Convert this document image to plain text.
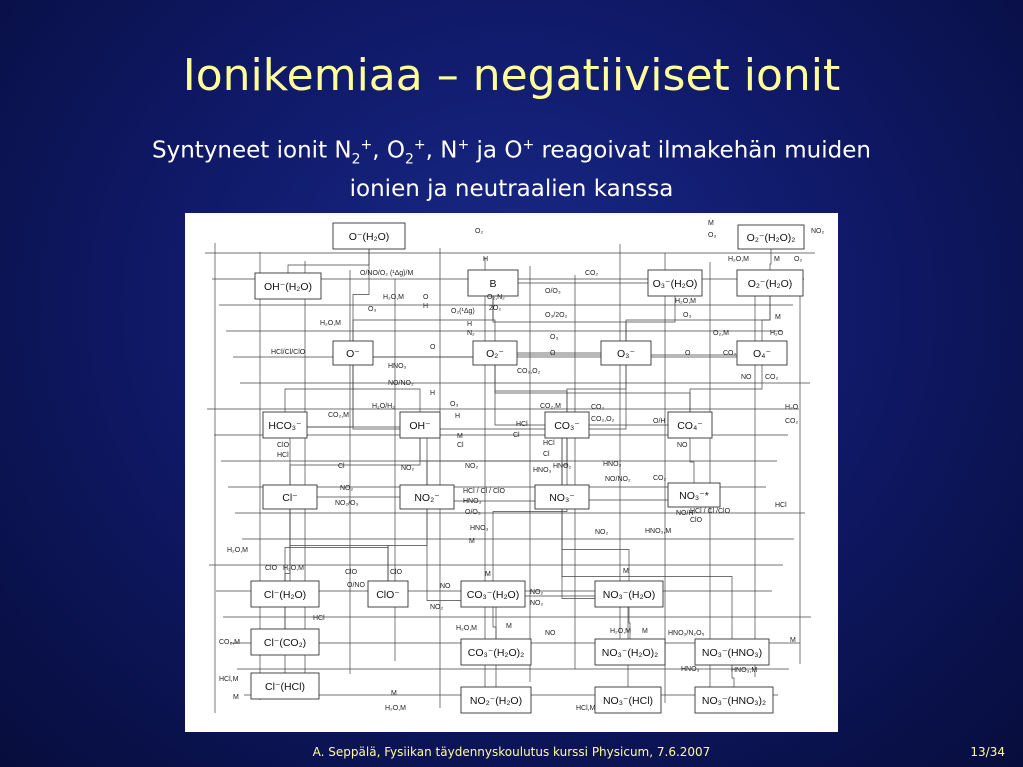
Ionikemiaa – negatiiviset ionit
Syntyneet ionit $N_2^+$, $O_2^+$, N+ ja O+ reagoivat ilmakehän muiden
ionien ja neutraalien kanssa
O⁻(H₂O)	O₂⁻(H₂O)₂
OH⁻(H₂O)	B	O₃⁻(H₂O)	O₂⁻(H₂O)
O⁻	O₂⁻	O₃⁻	O₄⁻
HCO₃⁻	OH⁻	CO₃⁻	CO₄⁻
Cl⁻	NO₂⁻	NO₃⁻	NO₃⁻*
Cl⁻(H₂O)	ClO⁻	CO₃⁻(H₂O)	NO₃⁻(H₂O)
Cl⁻(CO₂)
CO₃⁻(H₂O)₂	NO₃⁻(H₂O)₂	NO₃⁻(HNO₃)
Cl⁻(HCl)
NO₂⁻(H₂O)	NO₃⁻(HCl)	NO₃⁻(HNO₃)₂
O₂
M
O₃
NO₂
H	H₂O,M	M O₂
O/NO/O₂ (¹Δg)/M	CO₂
O/O₃
H₂O,M	O	O₂,N₂
H	2O₂
O₂(¹Δg)
H₂O,M
O₃
O₃/2O₂	O₃
H₂O,M
M
H
N₂	H₂O
O₃
O₂,M
HCl/Cl/ClO
O
HNO₃
O	O	CO₂
CO₂,O₂
NO CO₂
NO/NO₂
H
O₃	CO₂,M	CO₂	H₂O
H₂O/H₂
CO₂,M	H	CO₂,O₂	O/H	CO₂
HCl
Cl
M
HCl
Cl
ClO
HCl
Cl
HNO₂
NO
Cl	NO₂	NO₂	HNO₃
HNO₃
NO/NO₂	CO₂
NO₂	HCl / Cl / ClO
NO₂/O₃	HNO₃
O/O₃	NO/H
HCl / Cl /ClO
ClO
HCl
HNO₃	HNO₃,M
NO₂
M
H₂O,M
ClO H₂O,M
M	M
O/NO
ClO	ClO
NO
NO₂
NO₂
NO₂
HCl
CO₂,M
H₂O,M	M
NO	H₂O,M M	HNO₃/N₂O₅
M
HCl,M
M
HNO₃	HNO₃,M
M
H₂O,M	HCl,M
A. Seppälä, Fysiikan täydennyskoulutus kurssi Physicum, 7.6.2007	13/34
